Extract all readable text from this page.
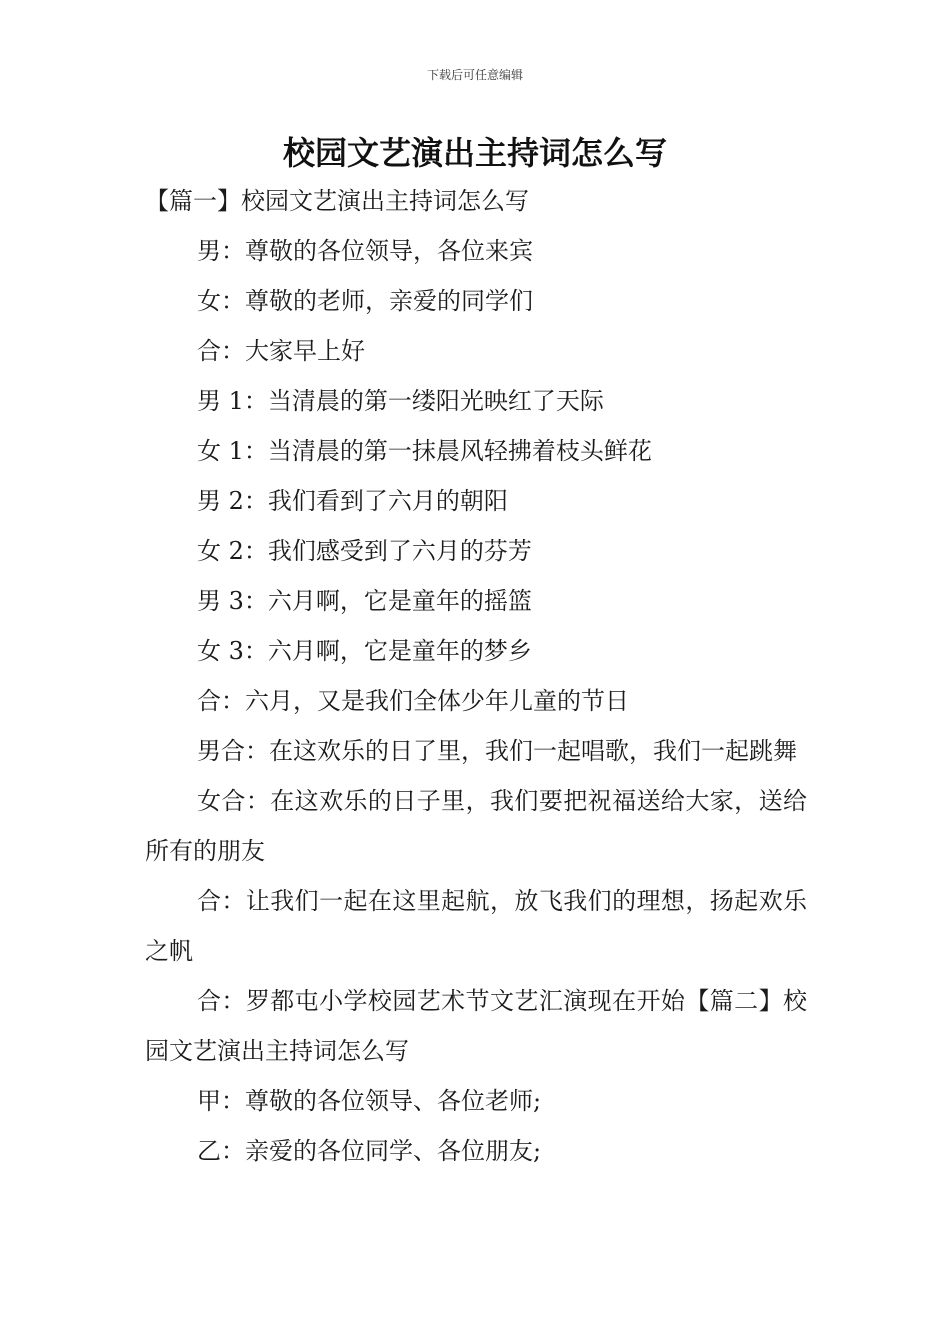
下载后可任意编辑
校园文艺演出主持词怎么写

【篇一】校园文艺演出主持词怎么写

男：尊敬的各位领导，各位来宾

女：尊敬的老师，亲爱的同学们

合：大家早上好

男 1：当清晨的第一缕阳光映红了天际

女 1：当清晨的第一抹晨风轻拂着枝头鲜花

男 2：我们看到了六月的朝阳

女 2：我们感受到了六月的芬芳

男 3：六月啊，它是童年的摇篮

女 3：六月啊，它是童年的梦乡

合：六月，又是我们全体少年儿童的节日

男合：在这欢乐的日了里，我们一起唱歌，我们一起跳舞

女合：在这欢乐的日子里，我们要把祝福送给大家，送给所有的朋友

合：让我们一起在这里起航，放飞我们的理想，扬起欢乐之帆

合：罗都屯小学校园艺术节文艺汇演现在开始【篇二】校园文艺演出主持词怎么写

甲：尊敬的各位领导、各位老师;

乙：亲爱的各位同学、各位朋友;
